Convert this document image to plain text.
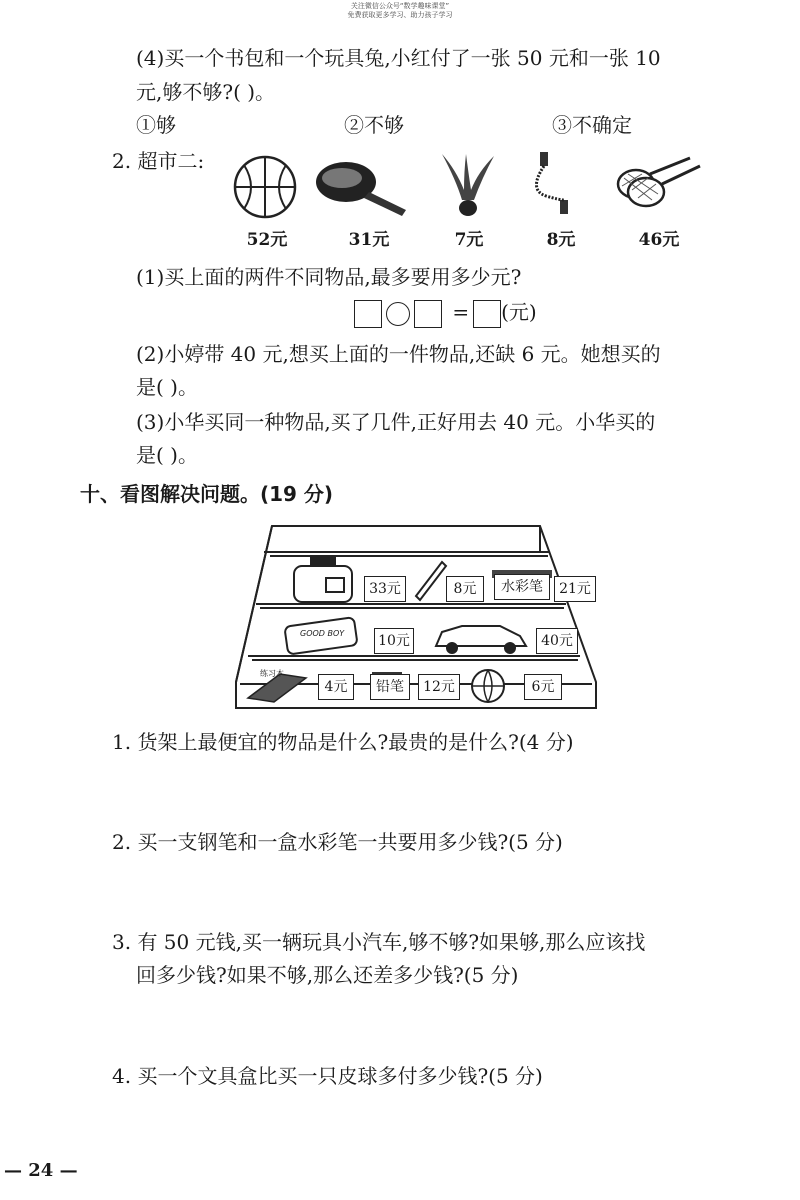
关注微信公众号“数学趣味课堂”
免费获取更多学习、助力孩子学习
(4)买一个书包和一个玩具兔,小红付了一张 50 元和一张 10
元,够不够?( )。
①够	②不够	③不确定
2. 超市二:
52元	31元	7元	8元	46元
(1)买上面的两件不同物品,最多要用多少元?
= (元)
(2)小婷带 40 元,想买上面的一件物品,还缺 6 元。她想买的
是( )。
(3)小华买同一种物品,买了几件,正好用去 40 元。小华买的
是( )。
十、看图解决问题。(19 分)
GOOD BOY
练习本
33元	8元	水彩笔	21元
10元	40元
4元	铅笔	12元	6元
1. 货架上最便宜的物品是什么?最贵的是什么?(4 分)
2. 买一支钢笔和一盒水彩笔一共要用多少钱?(5 分)
3. 有 50 元钱,买一辆玩具小汽车,够不够?如果够,那么应该找
回多少钱?如果不够,那么还差多少钱?(5 分)
4. 买一个文具盒比买一只皮球多付多少钱?(5 分)
— 24 —
